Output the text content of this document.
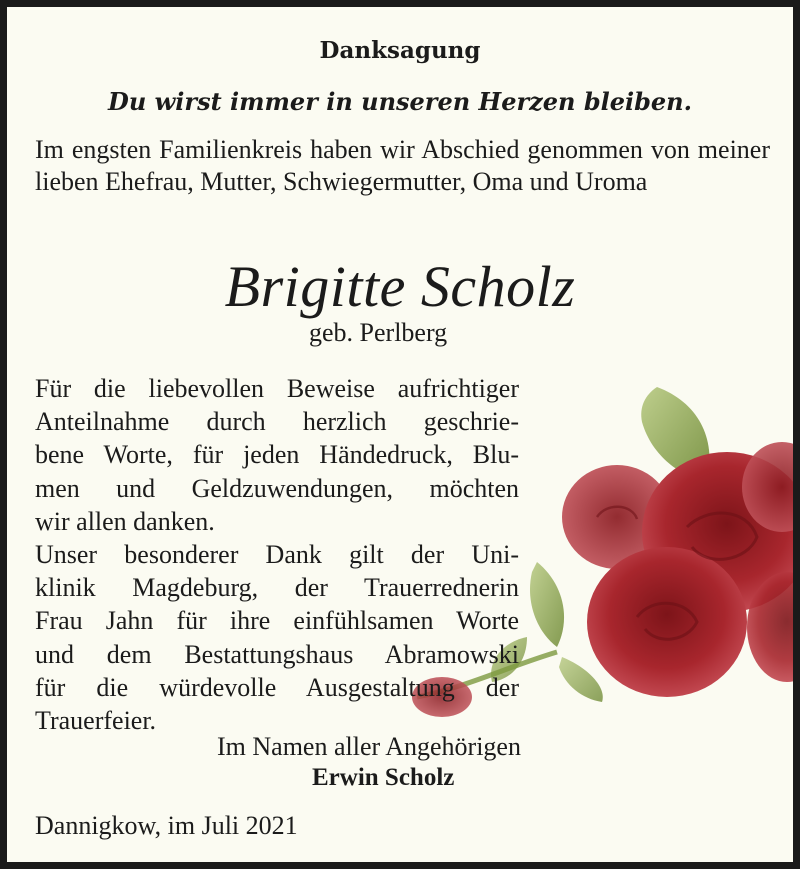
Danksagung

Du wirst immer in unseren Herzen bleiben.

Im engsten Familienkreis haben wir Abschied genommen von meiner lieben Ehefrau, Mutter, Schwiegermutter, Oma und Uroma

Brigitte Scholz

geb. Perlberg

Für die liebevollen Beweise aufrichtiger
Anteilnahme durch herzlich geschrie-
bene Worte, für jeden Händedruck, Blu-
men und Geldzuwendungen, möchten
wir allen danken.
Unser besonderer Dank gilt der Uni-
klinik Magdeburg, der Trauerrednerin
Frau Jahn für ihre einfühlsamen Worte
und dem Bestattungshaus Abramowski
für die würdevolle Ausgestaltung der
Trauerfeier.

Im Namen aller Angehörigen

Erwin Scholz

Dannigkow, im Juli 2021
